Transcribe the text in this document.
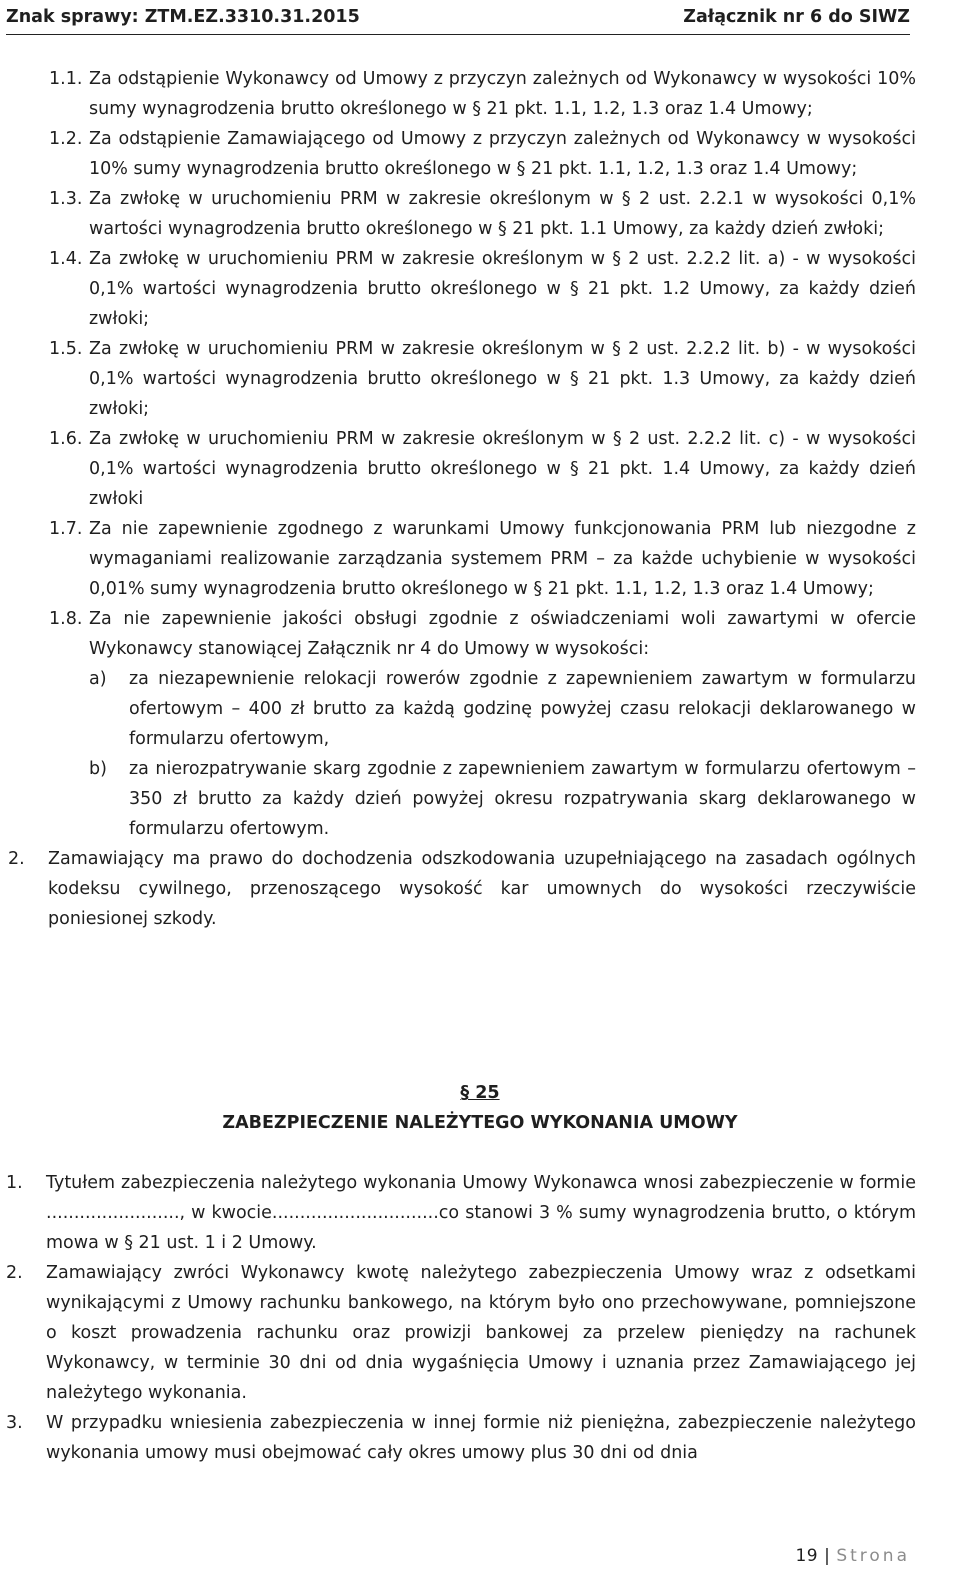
Znak sprawy: ZTM.EZ.3310.31.2015	Załącznik nr 6 do SIWZ
1.1. Za odstąpienie Wykonawcy od Umowy z przyczyn zależnych od Wykonawcy w wysokości 10% sumy wynagrodzenia brutto określonego w § 21 pkt. 1.1, 1.2, 1.3 oraz 1.4 Umowy;
1.2. Za odstąpienie Zamawiającego od Umowy z przyczyn zależnych od Wykonawcy w wysokości 10% sumy wynagrodzenia brutto określonego w § 21 pkt. 1.1, 1.2, 1.3 oraz 1.4 Umowy;
1.3. Za zwłokę w uruchomieniu PRM w zakresie określonym w § 2 ust. 2.2.1 w wysokości 0,1% wartości wynagrodzenia brutto określonego w § 21 pkt. 1.1 Umowy, za każdy dzień zwłoki;
1.4. Za zwłokę w uruchomieniu PRM w zakresie określonym w § 2 ust. 2.2.2 lit. a) - w wysokości 0,1% wartości wynagrodzenia brutto określonego w § 21 pkt. 1.2 Umowy, za każdy dzień zwłoki;
1.5. Za zwłokę w uruchomieniu PRM w zakresie określonym w § 2 ust. 2.2.2 lit. b) - w wysokości 0,1% wartości wynagrodzenia brutto określonego w § 21 pkt. 1.3 Umowy, za każdy dzień zwłoki;
1.6. Za zwłokę w uruchomieniu PRM w zakresie określonym w § 2 ust. 2.2.2 lit. c) - w wysokości 0,1% wartości wynagrodzenia brutto określonego w § 21 pkt. 1.4 Umowy, za każdy dzień zwłoki
1.7. Za nie zapewnienie zgodnego z warunkami Umowy funkcjonowania PRM lub niezgodne z wymaganiami realizowanie zarządzania systemem PRM – za każde uchybienie w wysokości 0,01% sumy wynagrodzenia brutto określonego w § 21 pkt. 1.1, 1.2, 1.3 oraz 1.4 Umowy;
1.8. Za nie zapewnienie jakości obsługi zgodnie z oświadczeniami woli zawartymi w ofercie Wykonawcy stanowiącej Załącznik nr 4 do Umowy w wysokości:
a) za niezapewnienie relokacji rowerów zgodnie z zapewnieniem zawartym w formularzu ofertowym – 400 zł brutto za każdą godzinę powyżej czasu relokacji deklarowanego w formularzu ofertowym,
b) za nierozpatrywanie skarg zgodnie z zapewnieniem zawartym w formularzu ofertowym – 350 zł brutto za każdy dzień powyżej okresu rozpatrywania skarg deklarowanego w formularzu ofertowym.
2. Zamawiający ma prawo do dochodzenia odszkodowania uzupełniającego na zasadach ogólnych kodeksu cywilnego, przenoszącego wysokość kar umownych do wysokości rzeczywiście poniesionej szkody.
§ 25
ZABEZPIECZENIE NALEŻYTEGO WYKONANIA UMOWY
1. Tytułem zabezpieczenia należytego wykonania Umowy Wykonawca wnosi zabezpieczenie w formie ........................, w kwocie..............................co stanowi 3 % sumy wynagrodzenia brutto, o którym mowa w § 21 ust. 1 i 2 Umowy.
2. Zamawiający zwróci Wykonawcy kwotę należytego zabezpieczenia Umowy wraz z odsetkami wynikającymi z Umowy rachunku bankowego, na którym było ono przechowywane, pomniejszone o koszt prowadzenia rachunku oraz prowizji bankowej za przelew pieniędzy na rachunek Wykonawcy, w terminie 30 dni od dnia wygaśnięcia Umowy i uznania przez Zamawiającego jej należytego wykonania.
3. W przypadku wniesienia zabezpieczenia w innej formie niż pieniężna, zabezpieczenie należytego wykonania umowy musi obejmować cały okres umowy plus 30 dni od dnia
19 | Strona
